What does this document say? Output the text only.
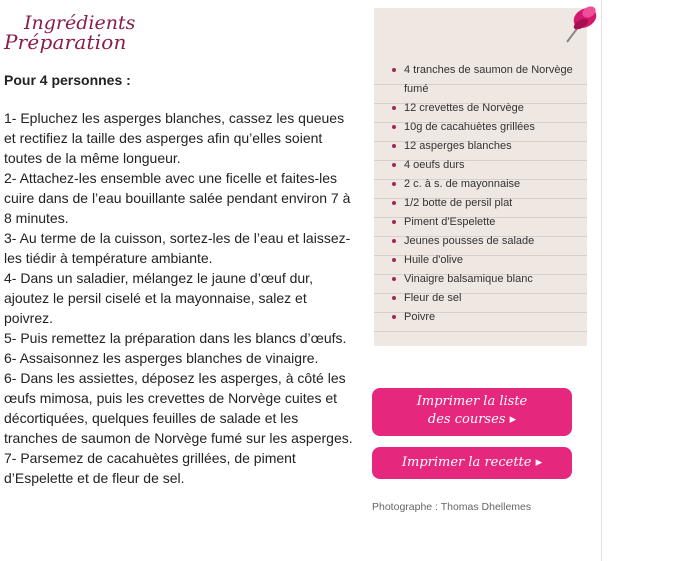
Préparation
Pour 4 personnes :

1- Epluchez les asperges blanches, cassez les queues et rectifiez la taille des asperges afin qu’elles soient toutes de la même longueur.

2- Attachez-les ensemble avec une ficelle et faites-les cuire dans de l’eau bouillante salée pendant environ 7 à 8 minutes.

3- Au terme de la cuisson, sortez-les de l’eau et laissez-les tiédir à température ambiante.

4- Dans un saladier, mélangez le jaune d’œuf dur, ajoutez le persil ciselé et la mayonnaise, salez et poivrez.

5- Puis remettez la préparation dans les blancs d’œufs.

6- Assaisonnez les asperges blanches de vinaigre.

6- Dans les assiettes, déposez les asperges, à côté les œufs mimosa, puis les crevettes de Norvège cuites et décortiquées, quelques feuilles de salade et les tranches de saumon de Norvège fumé sur les asperges.

7- Parsemez de cacahuètes grillées, de piment d’Espelette et de fleur de sel.

Ingrédients
4 tranches de saumon de Norvège fumé
12 crevettes de Norvège
10g de cacahuètes grillées
12 asperges blanches
4 oeufs durs
2 c. à s. de mayonnaise
1/2 botte de persil plat
Piment d'Espelette
Jeunes pousses de salade
Huile d'olive
Vinaigre balsamique blanc
Fleur de sel
Poivre
Imprimer la liste
des courses ▸
Imprimer la recette ▸
Photographe : Thomas Dhellemes
